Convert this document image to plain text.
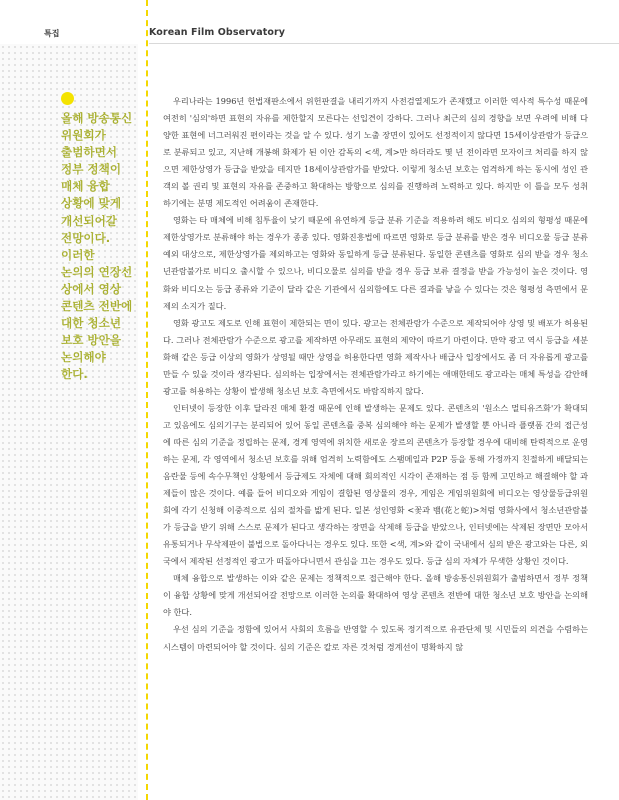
특집	Korean Film Observatory
올해 방송통신
위원회가
출범하면서
정부 정책이
매체 융합
상황에 맞게
개선되어갈
전망이다.
이러한
논의의 연장선
상에서 영상
콘텐츠 전반에
대한 청소년
보호 방안을
논의해야
한다.

우리나라는 1996년 헌법재판소에서 위헌판결을 내리기까지 사전검열제도가 존재했고 이러한 역사적 특수성 때문에 여전히 '심의'하면 표현의 자유를 제한할지 모른다는 선입견이 강하다. 그러나 최근의 심의 경향을 보면 우려에 비해 다양한 표현에 너그러워진 편이라는 것을 알 수 있다. 성기 노출 장면이 있어도 선정적이지 않다면 15세이상관람가 등급으로 분류되고 있고, 지난해 개봉해 화제가 된 이안 감독의 <색, 계>만 하더라도 몇 년 전이라면 모자이크 처리를 하지 않으면 제한상영가 등급을 받았을 테지만 18세이상관람가를 받았다. 이렇게 청소년 보호는 엄격하게 하는 동시에 성인 관객의 볼 권리 및 표현의 자유를 존중하고 확대하는 방향으로 심의를 진행하려 노력하고 있다. 하지만 이 틀을 모두 성취하기에는 분명 제도적인 어려움이 존재한다.

영화는 타 매체에 비해 침투율이 낮기 때문에 유연하게 등급 분류 기준을 적용하려 해도 비디오 심의의 형평성 때문에 제한상영가로 분류해야 하는 경우가 종종 있다. 영화진흥법에 따르면 영화로 등급 분류를 받은 경우 비디오물 등급 분류 예외 대상으로, 제한상영가를 제외하고는 영화와 동일하게 등급 분류된다. 동일한 콘텐츠를 영화로 심의 받을 경우 청소년관람불가로 비디오 출시할 수 있으나, 비디오물로 심의를 받을 경우 등급 보류 결정을 받을 가능성이 높은 것이다. 영화와 비디오는 등급 종류와 기준이 달라 같은 기관에서 심의함에도 다른 결과를 낳을 수 있다는 것은 형평성 측면에서 문제의 소지가 짙다.

영화 광고도 제도로 인해 표현이 제한되는 면이 있다. 광고는 전체관람가 수준으로 제작되어야 상영 및 배포가 허용된다. 그러나 전체관람가 수준으로 광고를 제작하면 아무래도 표현의 제약이 따르기 마련이다. 만약 광고 역시 등급을 세분화해 같은 등급 이상의 영화가 상영될 때만 상영을 허용한다면 영화 제작사나 배급사 입장에서도 좀 더 자유롭게 광고를 만들 수 있을 것이라 생각된다. 심의하는 입장에서는 전체관람가라고 하기에는 애매한데도 광고라는 매체 특성을 감안해 광고를 허용하는 상황이 발생해 청소년 보호 측면에서도 바람직하지 않다.

인터넷이 등장한 이후 달라진 매체 환경 때문에 인해 발생하는 문제도 있다. 콘텐츠의 '원소스 멀티유즈화'가 확대되고 있음에도 심의기구는 분리되어 있어 동일 콘텐츠를 중복 심의해야 하는 문제가 발생할 뿐 아니라 플랫폼 간의 접근성에 따른 심의 기준을 정립하는 문제, 경계 영역에 위치한 새로운 장르의 콘텐츠가 등장할 경우에 대비해 탄력적으로 운영하는 문제, 각 영역에서 청소년 보호를 위해 엄격히 노력함에도 스팸메일과 P2P 등을 통해 가정까지 친절하게 배달되는 음란물 등에 속수무책인 상황에서 등급제도 자체에 대해 회의적인 시각이 존재하는 점 등 함께 고민하고 해결해야 할 과제들이 많은 것이다. 예를 들어 비디오와 게임이 결합된 영상물의 경우, 게임은 게임위원회에 비디오는 영상물등급위원회에 각기 신청해 이중적으로 심의 절차를 밟게 된다. 일본 성인영화 <꽃과 뱀(花と蛇)>처럼 영화사에서 청소년관람불가 등급을 받기 위해 스스로 문제가 된다고 생각하는 장면을 삭제해 등급을 받았으나, 인터넷에는 삭제된 장면만 모아서 유통되거나 무삭제판이 불법으로 돌아다니는 경우도 있다. 또한 <색, 계>와 같이 국내에서 심의 받은 광고와는 다른, 외국에서 제작된 선정적인 광고가 떠돌아다니면서 관심을 끄는 경우도 있다. 등급 심의 자체가 무색한 상황인 것이다.

매체 융합으로 발생하는 이와 같은 문제는 정책적으로 접근해야 한다. 올해 방송통신위원회가 출범하면서 정부 정책이 융합 상황에 맞게 개선되어갈 전망으로 이러한 논의를 확대하여 영상 콘텐츠 전반에 대한 청소년 보호 방안을 논의해야 한다.

우선 심의 기준을 정함에 있어서 사회의 흐름을 반영할 수 있도록 정기적으로 유관단체 및 시민들의 의견을 수렴하는 시스템이 마련되어야 할 것이다. 심의 기준은 칼로 자른 것처럼 경계선이 명확하지 않
